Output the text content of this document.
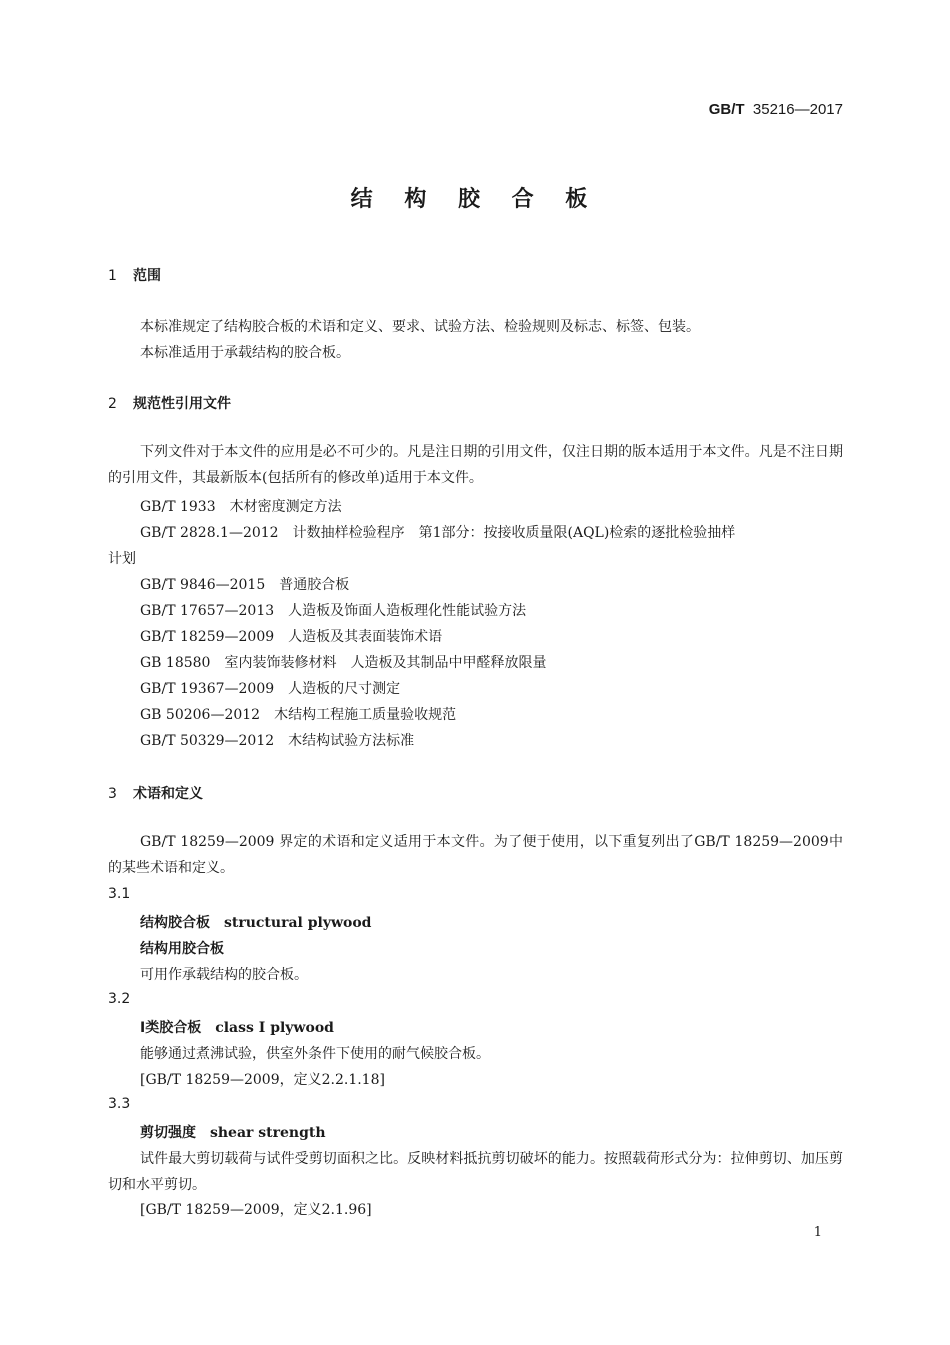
GB/T 35216—2017
结 构 胶 合 板
1 范围
本标准规定了结构胶合板的术语和定义、要求、试验方法、检验规则及标志、标签、包装。
本标准适用于承载结构的胶合板。
2 规范性引用文件
下列文件对于本文件的应用是必不可少的。凡是注日期的引用文件，仅注日期的版本适用于本文件。凡是不注日期的引用文件，其最新版本(包括所有的修改单)适用于本文件。
GB/T 1933 木材密度测定方法
GB/T 2828.1—2012 计数抽样检验程序　第1部分：按接收质量限(AQL)检索的逐批检验抽样
计划
GB/T 9846—2015 普通胶合板
GB/T 17657—2013 人造板及饰面人造板理化性能试验方法
GB/T 18259—2009 人造板及其表面装饰术语
GB 18580 室内装饰装修材料　人造板及其制品中甲醛释放限量
GB/T 19367—2009 人造板的尺寸测定
GB 50206—2012 木结构工程施工质量验收规范
GB/T 50329—2012 木结构试验方法标准
3 术语和定义
GB/T 18259—2009 界定的术语和定义适用于本文件。为了便于使用，以下重复列出了GB/T 18259—2009中的某些术语和定义。
3.1
结构胶合板 structural plywood
结构用胶合板
可用作承载结构的胶合板。
3.2
Ⅰ类胶合板 class Ⅰ plywood
能够通过煮沸试验，供室外条件下使用的耐气候胶合板。
[GB/T 18259—2009，定义2.2.1.18]
3.3
剪切强度 shear strength
试件最大剪切载荷与试件受剪切面积之比。反映材料抵抗剪切破坏的能力。按照载荷形式分为：拉伸剪切、加压剪切和水平剪切。
[GB/T 18259—2009，定义2.1.96]
1
